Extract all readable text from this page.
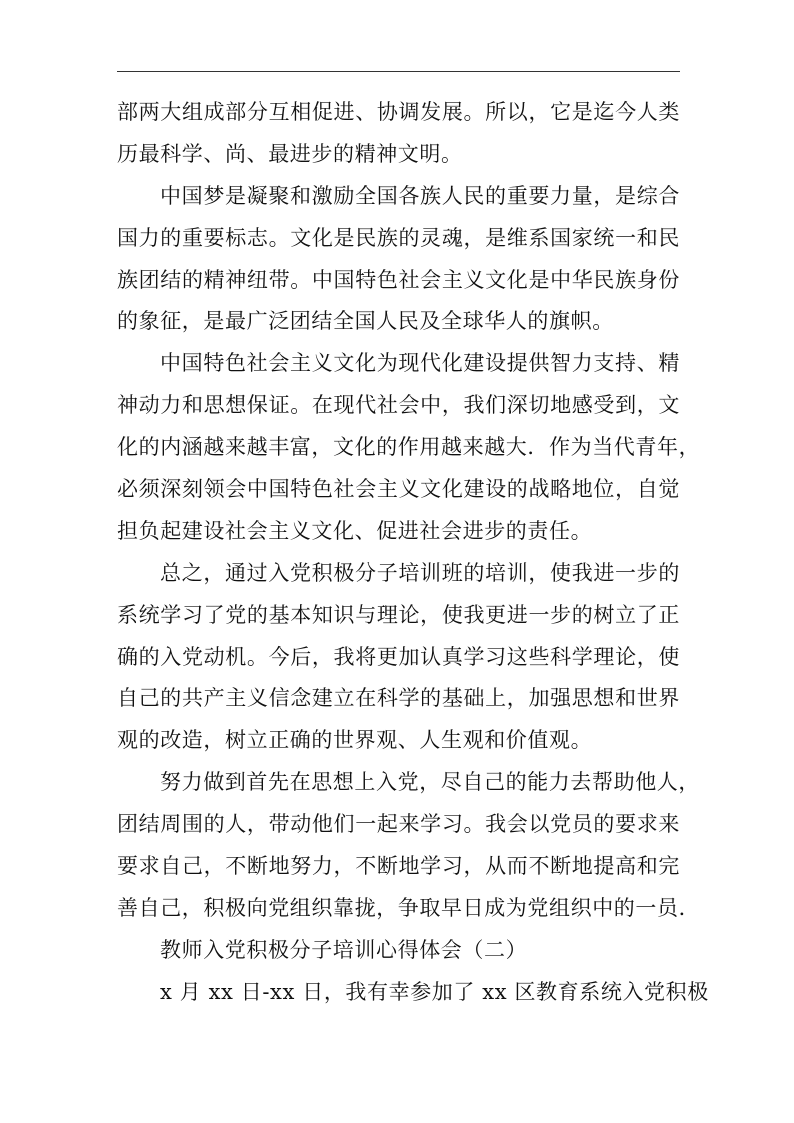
部两大组成部分互相促进、协调发展。所以，它是迄今人类
历最科学、尚、最进步的精神文明。
中国梦是凝聚和激励全国各族人民的重要力量，是综合
国力的重要标志。文化是民族的灵魂，是维系国家统一和民
族团结的精神纽带。中国特色社会主义文化是中华民族身份
的象征，是最广泛团结全国人民及全球华人的旗帜。
中国特色社会主义文化为现代化建设提供智力支持、精
神动力和思想保证。在现代社会中，我们深切地感受到，文
化的内涵越来越丰富，文化的作用越来越大．作为当代青年，
必须深刻领会中国特色社会主义文化建设的战略地位，自觉
担负起建设社会主义文化、促进社会进步的责任。
总之，通过入党积极分子培训班的培训，使我进一步的
系统学习了党的基本知识与理论，使我更进一步的树立了正
确的入党动机。今后，我将更加认真学习这些科学理论，使
自己的共产主义信念建立在科学的基础上，加强思想和世界
观的改造，树立正确的世界观、人生观和价值观。
努力做到首先在思想上入党，尽自己的能力去帮助他人，
团结周围的人，带动他们一起来学习。我会以党员的要求来
要求自己，不断地努力，不断地学习，从而不断地提高和完
善自己，积极向党组织靠拢，争取早日成为党组织中的一员．
教师入党积极分子培训心得体会（二）
x 月 xx 日-xx 日，我有幸参加了 xx 区教育系统入党积极
